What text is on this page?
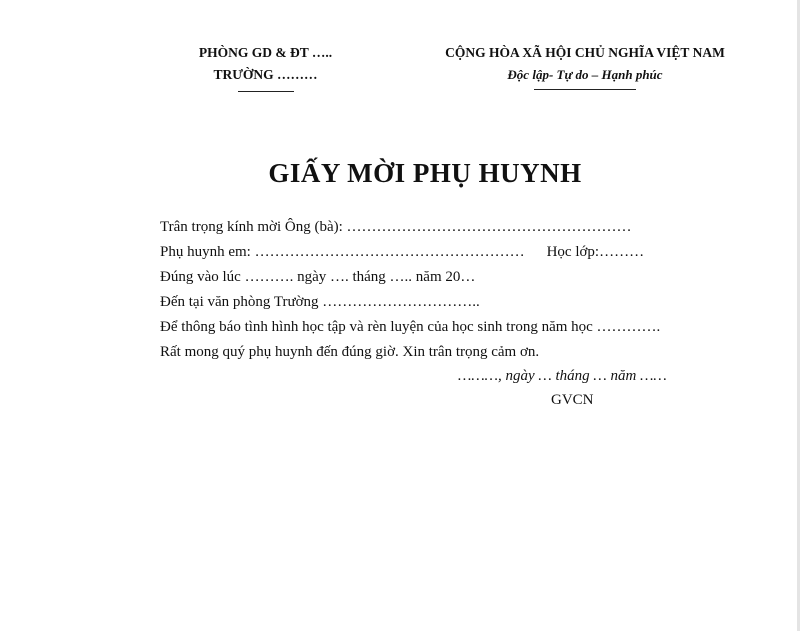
PHÒNG GD & ĐT …..
TRƯỜNG ………
CỘNG HÒA XÃ HỘI CHỦ NGHĨA VIỆT NAM
Độc lập- Tự do – Hạnh phúc
GIẤY MỜI PHỤ HUYNH
Trân trọng kính mời Ông (bà): …………………………………………………
Phụ huynh em: ……………………………………………… Học lớp:………
Đúng vào lúc ………. ngày …. tháng ….. năm 20…
Đến tại văn phòng Trường …………………………..
Để thông báo tình hình học tập và rèn luyện của học sinh trong năm học ………….
Rất mong quý phụ huynh đến đúng giờ. Xin trân trọng cảm ơn.
………, ngày … tháng … năm ……
GVCN
